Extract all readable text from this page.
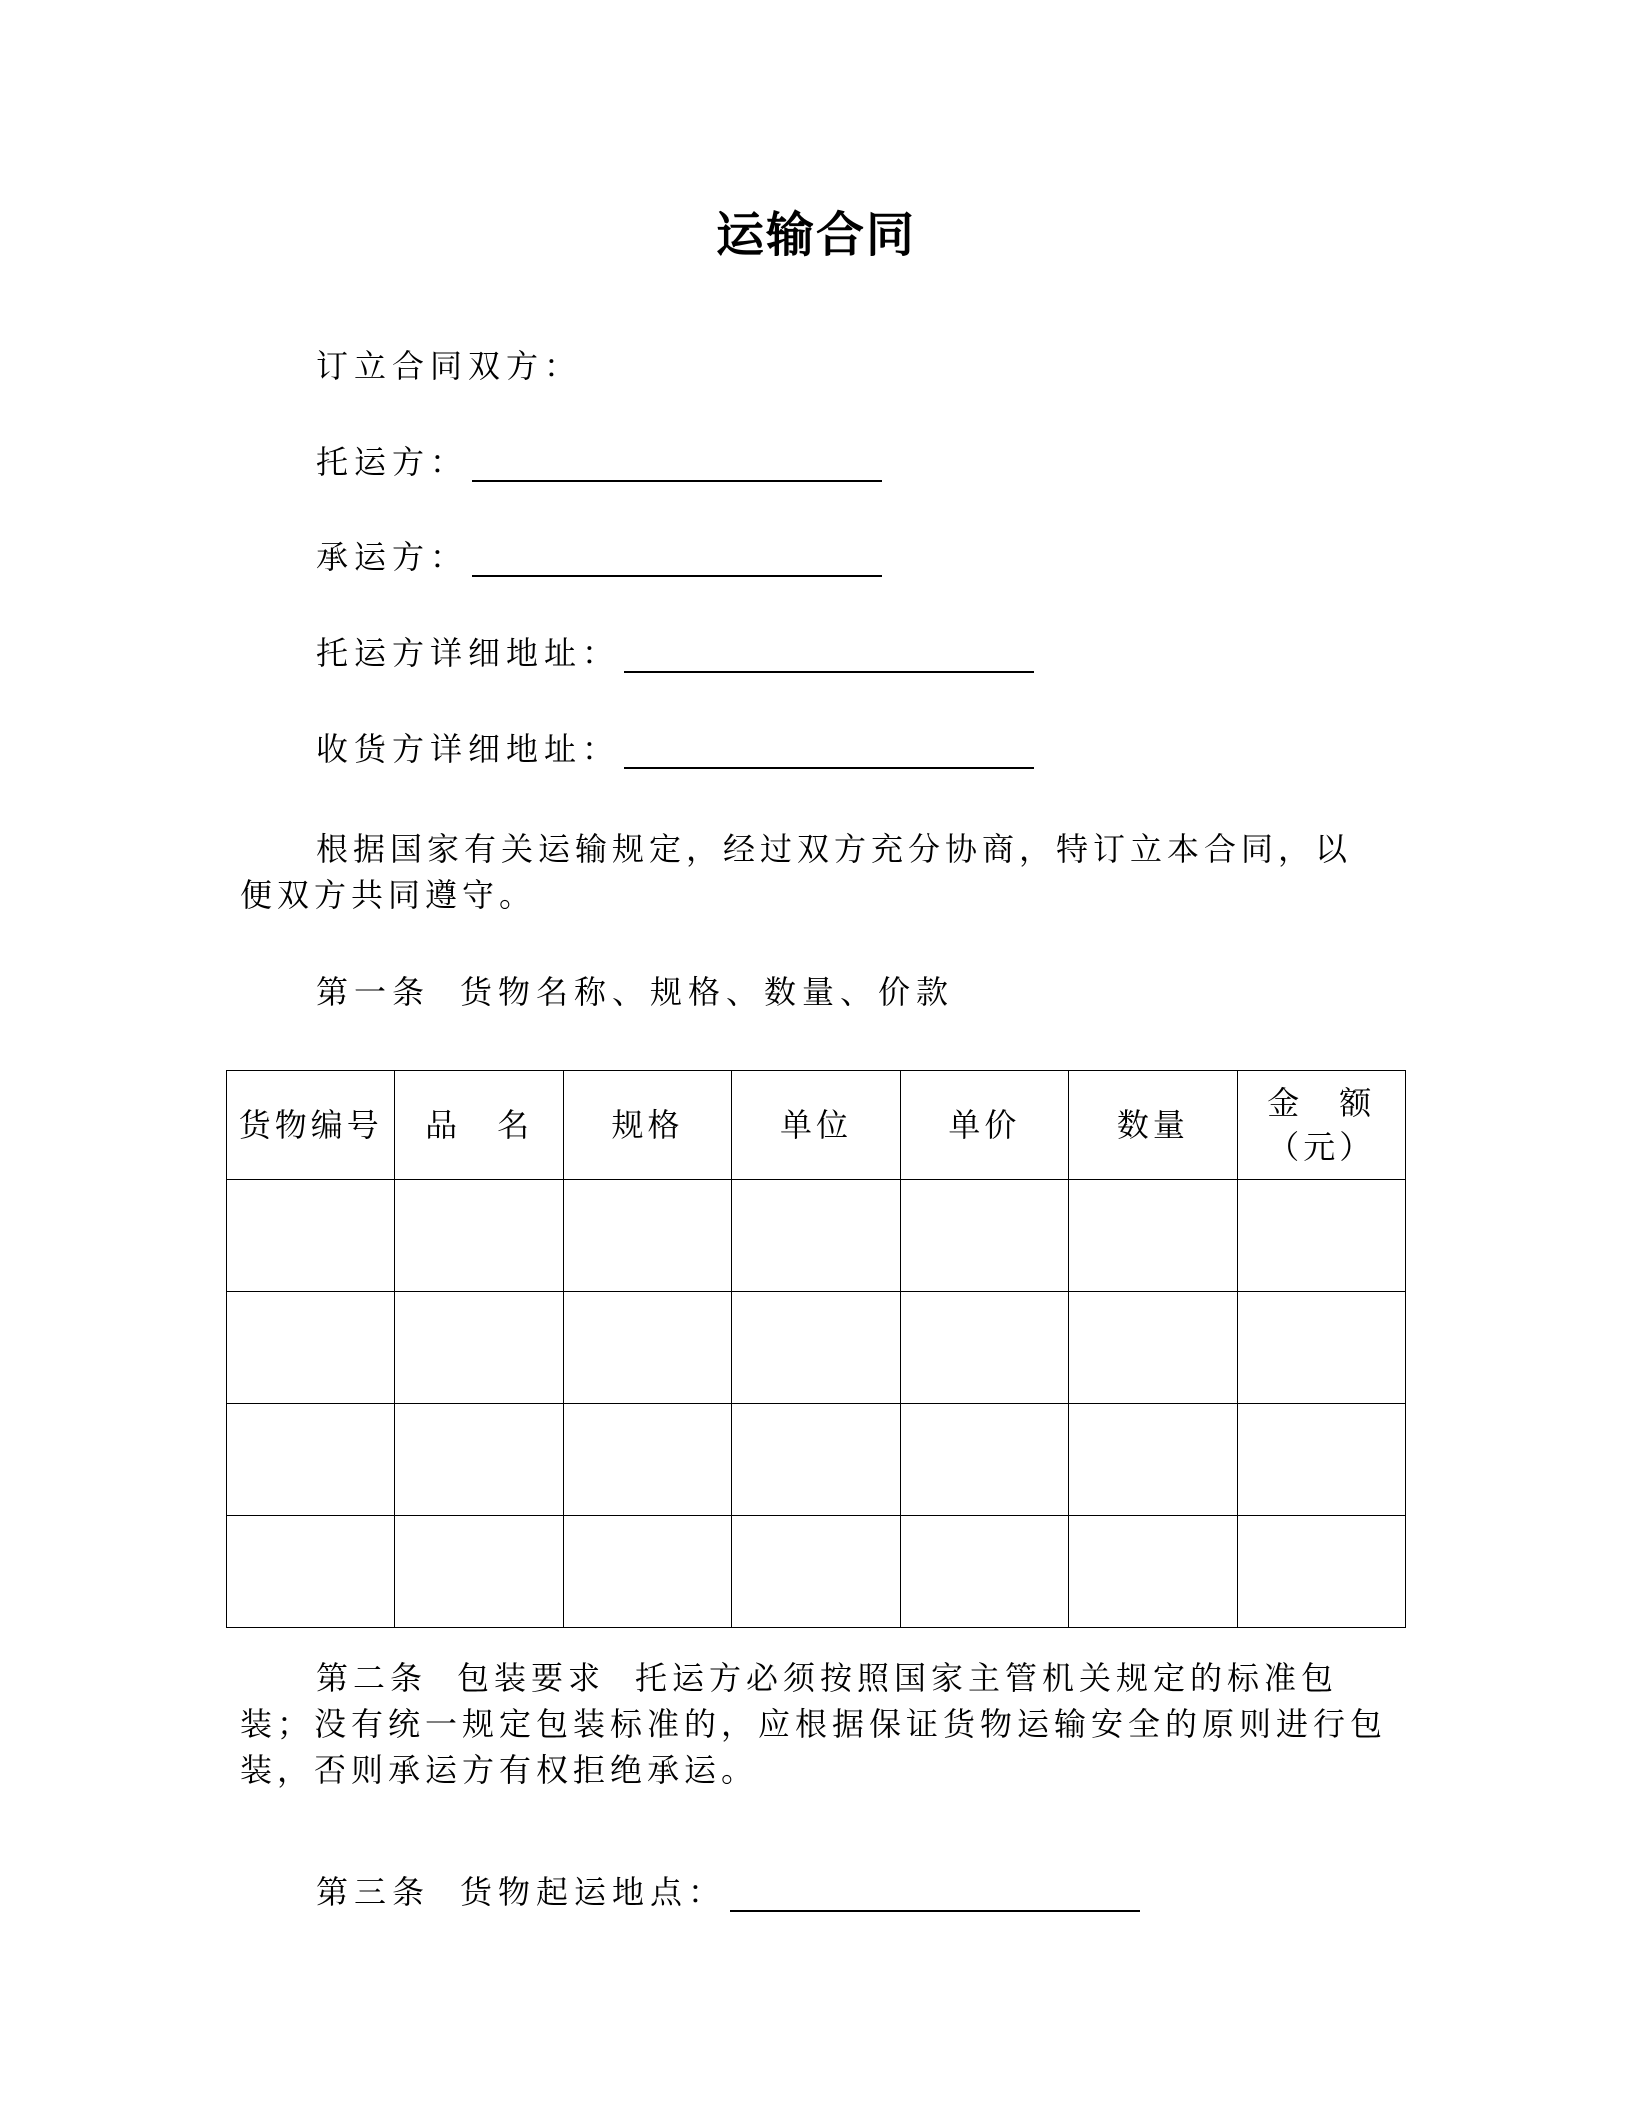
运输合同
订立合同双方：
托运方：
承运方：
托运方详细地址：
收货方详细地址：
根据国家有关运输规定，经过双方充分协商，特订立本合同，以便双方共同遵守。
第一条 货物名称、规格、数量、价款
货物编号	品　名	规格	单位	单价	数量	金　额（元）

第二条 包装要求 托运方必须按照国家主管机关规定的标准包装；没有统一规定包装标准的，应根据保证货物运输安全的原则进行包装，否则承运方有权拒绝承运。
第三条 货物起运地点：
